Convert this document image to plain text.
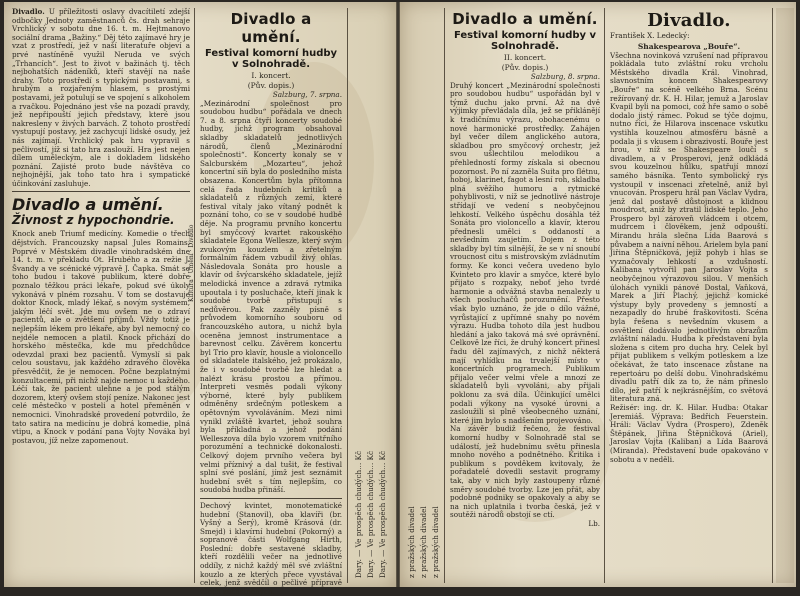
Divadlo. U příležitosti oslavy dvacítiletí zdejší odbočky Jednoty zaměstnanců čs. drah sehraje Vrchlický v sobotu dne 16. t. m. Hejtmanovo sociální drama „Bažiny.“ Děj této zajímavé hry je vzat z prostředí, jež v naší literatuře objeví a prvé nastíněně využil Neruda ve svých „Trhancích“. Jest to život v bažinách tj. těch nejbohatších nádeníků, kteří stavějí na naše drahy. Toto prostředí s typickými postavami, s hrubým a rozjařeným hlasem, s prostými postavami, jež potulují se ve spojení s alkoholem a rvačkou. Pojednáno jest vše na pozadí pravdy, jež nepřipouští jejich představy, které jsou nakresleny v živých barvách. Z tohoto prostředí vystupují postavy, jež zachycují lidské osudy, jež nás zajímají. Vrchlický pak hru vypravil s pečlivostí, jíž si tato hra zaslouží. Hra jest nejen dílem uměleckým, ale i dokladem lidského poznání. Zajisté proto bude návštěva co nejhojnější, jak toho tato hra i sympatické účinkování zasluhuje.

Divadlo a umění.
Živnost z hypochondrie.
Knock aneb Triumf medicíny. Komedie o třech dějstvích. Francouzsky napsal Jules Romains. Poprvé v Městském divadle vinohradském dne 14. t. m. v překladu Ot. Hrubého a za režie J. Švandy a ve scénické výpravě J. Čapka. Smát se toho budou i takové publikum, které dobře poznalo těžkou práci lékaře, pokud své úkoly vykonává v plném rozsahu. V tom se dostavuje doktor Knock, mladý lékař, s novým systémem, jakým léčí svět. Jde mu ovšem ne o zdraví pacientů, ale o zvětšení příjmů. Vždy totiž je nejlepším lékem pro lékaře, aby byl nemocný co nejdéle nemocen a platil. Knock přichází do horského městečka, kde mu předchůdce odevzdal praxi bez pacientů. Vymyslí si pak celou soustavu, jak každého zdravého člověka přesvědčit, že je nemocen. Počne bezplatnými konzultacemi, při nichž najde nemoc u každého. Léčí tak, že pacient ulehne a je pod stálým dozorem, který ovšem stojí peníze. Nakonec jest celé městečko v posteli a hotel přeměněn v nemocnici. Vinohradské provedení potvrdilo, že tato satira na medicínu je dobrá komedie, plná vtipu, a Knock v podání pana Vojty Nováka byl postavou, jíž nelze zapomenout.
Divadlo a umění.
Festival komorní hudby v Solnohradě.
I. koncert.
(Pův. dopis.)
Salzburg, 7. srpna.
„Mezinárodní společnost pro soudobou hudbu“ pořádala ve dnech 7. a 8. srpna čtyři koncerty soudobé hudby, jichž program obsahoval skladby skladatelů jednotlivých národů, členů „Mezinárodní společnosti“. Koncerty konaly se v Salcburském „Mozarteu“, jehož koncertní síň byla do posledního místa obsazena. Koncertům byla přítomna celá řada hudebních kritiků a skladatelů z různých zemí, které festival vítaly jako vítaný podnět k poznání toho, co se v soudobé hudbě děje. Na programu prvního koncertu byl smyčcový kvartet rakouského skladatele Egona Wellesze, který svým zvukovým kouzlem a zřetelným formálním řádem vzbudil živý ohlas. Následovala Sonáta pro housle a klavír od švýcarského skladatele, jejíž melodická invence a zdravá rytmika upoutala i ty posluchače, kteří jinak k soudobé tvorbě přistupují s nedůvěrou. Pak zazněly písně s průvodem komorního souboru od francouzského autora, u nichž byla oceněna jemnost instrumentace a barevnost celku. Závěrem koncertu byl Trio pro klavír, housle a violoncello od skladatele italského, jež prokázalo, že i v soudobé tvorbě lze hledat a nalézt krásu prostou a přímou. Interpreti vesměs podali výkony výborné, které byly publikem odměněny srdečným potleskem a opětovným vyvoláváním. Mezi nimi vynikl zvláště kvartet, jehož souhra byla příkladná a jehož podání Welleszova díla bylo vzorem vnitřního porozumění a technické dokonalosti. Celkový dojem prvního večera byl velmi příznivý a dal tušit, že festival splní své poslání, jímž jest seznámit hudební svět s tím nejlepším, co soudobá hudba přináší.
Dechový kvintet, monotematické hudební (Stanovil), oba klavíři (br. Vyšný a Šerý), kromě Krásová (dr. Smejd) i klavírní hudební (Pokorný) a sopranové části Wolfgang Hirth, Poslední: dobře sestavené skladby, kteří rozdělili večer na jednotlivé oddíly, z nichž každý měl své zvláštní kouzlo a ze kterých přece vyvstával celek, jenž svědčil o pečlivé přípravě všech zúčastněných.
Dary. — Ve prospěch chudých… Kč Dary. — Ve prospěch chudých… Kč Dary. — Ve prospěch chudých… Kč
Kultura · Umění · Divadlo
z pražských divadel z pražských divadel z pražských divadel
Divadlo a umění.
Festival komorní hudby v Solnohradě.
II. koncert.
(Pův. dopis.)
Salzburg, 8. srpna.
Druhý koncert „Mezinárodní společnosti pro soudobou hudbu“ uspořádán byl v týmž duchu jako první. Až na dvě výjimky převládala díla, jež se přiklánějí k tradičnímu výrazu, obohacenému o nové harmonické prostředky. Zahájen byl večer dílem anglického autora, skladbou pro smyčcový orchestr, jež svou ušlechtilou melodikou a přehledností formy získala si obecnou pozornost. Po ní zazněla Suita pro flétnu, hoboj, klarinet, fagot a lesní roh, skladba plná svěžího humoru a rytmické pohyblivosti, v níž se jednotlivé nástroje střídají ve vedení s neobyčejnou lehkostí. Velkého úspěchu dosáhla též Sonáta pro violoncello a klavír, kterou přednesli umělci s oddaností a nevšedním zaujetím. Dojem z této skladby byl tím silnější, že se v ní snoubí vroucnost citu s mistrovským zvládnutím formy. Ke konci večera uvedeno bylo Kvinteto pro klavír a smyčce, které bylo přijato s rozpaky, neboť jeho tvrdé harmonie a odvážná stavba nenalezly u všech posluchačů porozumění. Přesto však bylo uznáno, že jde o dílo vážné, vyrůstající z upřímné snahy po novém výrazu. Hudba tohoto díla jest hudbou hledání a jako taková má své oprávnění. Celkově lze říci, že druhý koncert přinesl řadu děl zajímavých, z nichž některá mají vyhlídku na trvalejší místo v koncertních programech. Publikum přijalo večer velmi vřele a mnozí ze skladatelů byli vyvoláni, aby přijali poklonu za svá díla. Účinkující umělci podali výkony na vysoké úrovni a zasloužili si plně všeobecného uznání, které jim bylo s nadšením projevováno.
Na závěr budiž řečeno, že festival komorní hudby v Solnohradě stal se událostí, jež hudebnímu světu přinesla mnoho nového a podnětného. Kritika i publikum s povděkem kvitovaly, že pořadatelé dovedli sestavit programy tak, aby v nich byly zastoupeny různé směry soudobé tvorby. Lze jen přát, aby podobné podniky se opakovaly a aby se na nich uplatnila i tvorba česká, jež v soutěži národů obstojí se ctí.
Lb.
Divadlo.
František X. Ledecký:
Shakespearova „Bouře“.
Všechna novinková vzrušení nad přípravou pokládala tuto zvláštní roku vrcholu Městského divadla Král. Vinohrad, slavnostním koncem Shakespearovy „Bouře“ na scéně velkého Brna. Scénu režírovaný dr. K. H. Hilar, jemuž a Jaroslav Kvapil byli na pomoci, což hře samo o sobě dodalo jistý rámec. Pokud se týče dojmu, nutno říci, že Hilarova inscenace vskutku vystihla kouzelnou atmosféru básně a podala ji s vkusem i obrazivostí. Bouře jest hrou, v níž se Shakespeare loučí s divadlem, a v Prosperovi, jenž odkládá svou kouzelnou hůlku, spatřují mnozí samého básníka. Tento symbolický rys vystoupil v inscenaci zřetelně, aniž byl vnucován. Prosperu hrál pan Václav Vydra, jenž dal postavě důstojnost a klidnou moudrost, aniž by ztratil lidské teplo. Jeho Prospero byl zároveň vládcem i otcem, mudrcem i člověkem, jenž odpouští. Mirandu hrála slečna Lída Baarová s půvabem a naivní něhou. Arielem byla paní Jiřina Štěpničková, jejíž pohyb i hlas se vyznačovaly lehkostí a vzdušností. Kalibana vytvořil pan Jaroslav Vojta s neobyčejnou výrazovou silou. V menších úlohách vynikli pánové Dostal, Vaňková, Marek a Jiří Plachý, jejichž komické výstupy byly provedeny s jemností a nezapadly do hrubé fraškovitosti. Scéna byla řešena s nevšedním vkusem a osvětlení dodávalo jednotlivým obrazům zvláštní náladu. Hudba k představení byla složena s citem pro ducha hry. Celek byl přijat publikem s velkým potleskem a lze očekávat, že tato inscenace zůstane na repertoáru po delší dobu. Vinohradskému divadlu patří dík za to, že nám přineslo dílo, jež patří k nejkrásnějším, co světová literatura zná.
Režisér: ing. dr. K. Hilar. Hudba: Otakar Jeremiáš. Výprava: Bedřich Feuerstein. Hráli: Václav Vydra (Prospero), Zdeněk Štěpánek, Jiřina Štěpničková (Ariel), Jaroslav Vojta (Kaliban) a Lída Baarová (Miranda). Představení bude opakováno v sobotu a v neděli.
